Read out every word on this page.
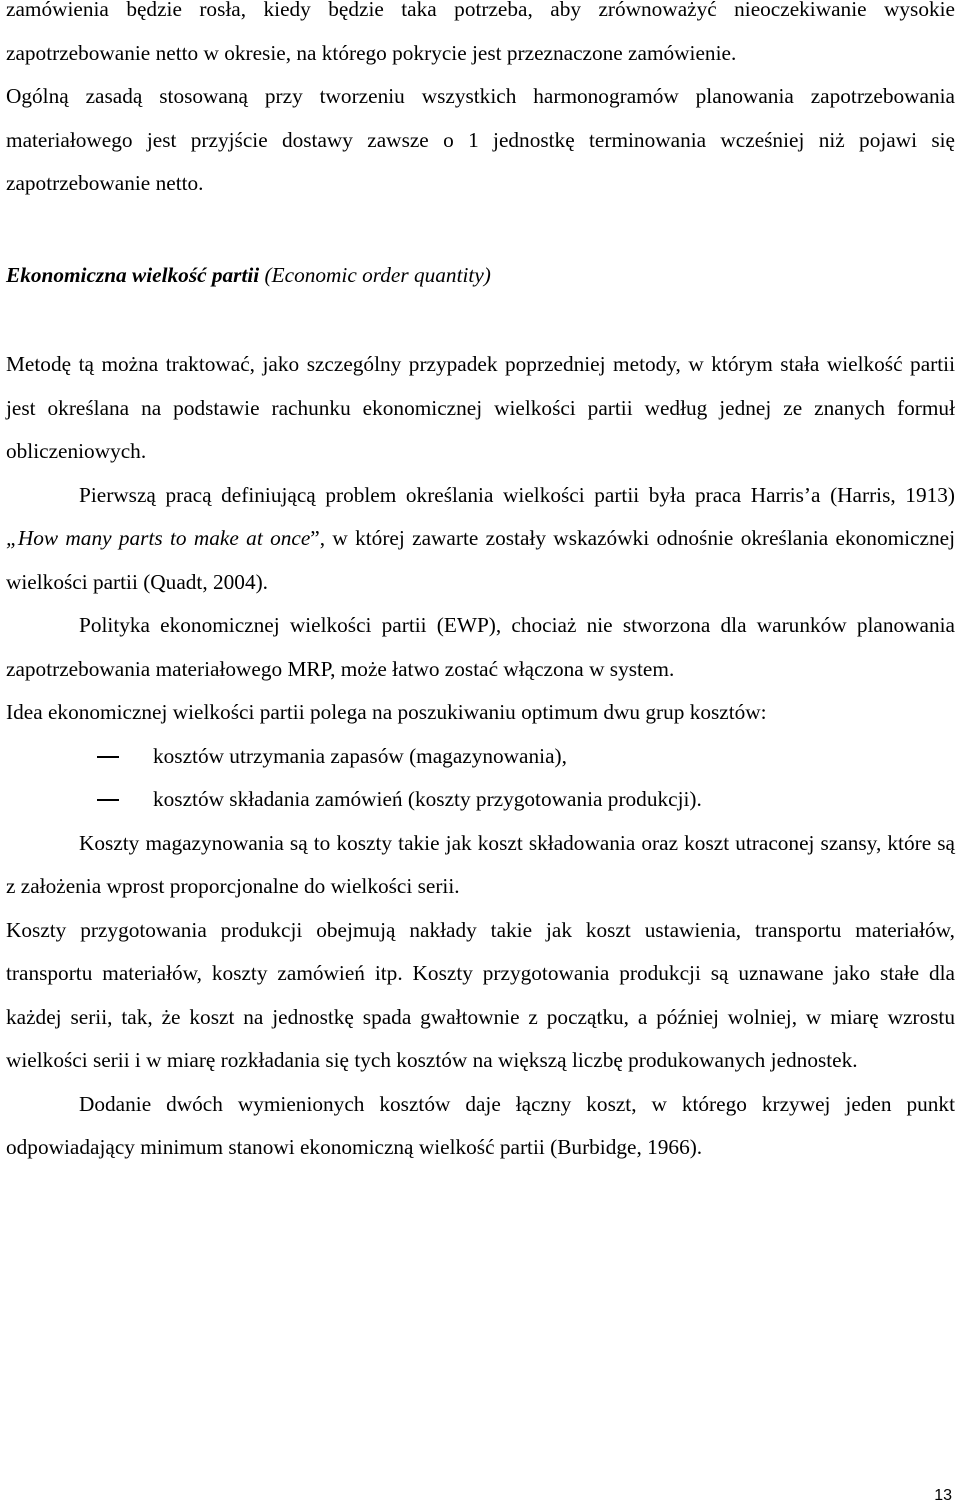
zamówienia będzie rosła, kiedy będzie taka potrzeba, aby zrównoważyć nieoczekiwanie wysokie zapotrzebowanie netto w okresie, na którego pokrycie jest przeznaczone zamówienie.

Ogólną zasadą stosowaną przy tworzeniu wszystkich harmonogramów planowania zapotrzebowania materiałowego jest przyjście dostawy zawsze o 1 jednostkę terminowania wcześniej niż pojawi się zapotrzebowanie netto.

Ekonomiczna wielkość partii (Economic order quantity)

Metodę tą można traktować, jako szczególny przypadek poprzedniej metody, w którym stała wielkość partii jest określana na podstawie rachunku ekonomicznej wielkości partii według jednej ze znanych formuł obliczeniowych.

Pierwszą pracą definiującą problem określania wielkości partii była praca Harris’a (Harris, 1913) „How many parts to make at once”, w której zawarte zostały wskazówki odnośnie określania ekonomicznej wielkości partii (Quadt, 2004).

Polityka ekonomicznej wielkości partii (EWP), chociaż nie stworzona dla warunków planowania zapotrzebowania materiałowego MRP, może łatwo zostać włączona w system.

Idea ekonomicznej wielkości partii polega na poszukiwaniu optimum dwu grup kosztów:

kosztów utrzymania zapasów (magazynowania),
kosztów składania zamówień (koszty przygotowania produkcji).

Koszty magazynowania są to koszty takie jak koszt składowania oraz koszt utraconej szansy, które są z założenia wprost proporcjonalne do wielkości serii.

Koszty przygotowania produkcji obejmują nakłady takie jak koszt ustawienia, transportu materiałów, transportu materiałów, koszty zamówień itp. Koszty przygotowania produkcji są uznawane jako stałe dla każdej serii, tak, że koszt na jednostkę spada gwałtownie z początku, a później wolniej, w miarę wzrostu wielkości serii i w miarę rozkładania się tych kosztów na większą liczbę produkowanych jednostek.

Dodanie dwóch wymienionych kosztów daje łączny koszt, w którego krzywej jeden punkt odpowiadający minimum stanowi ekonomiczną wielkość partii (Burbidge, 1966).

13
